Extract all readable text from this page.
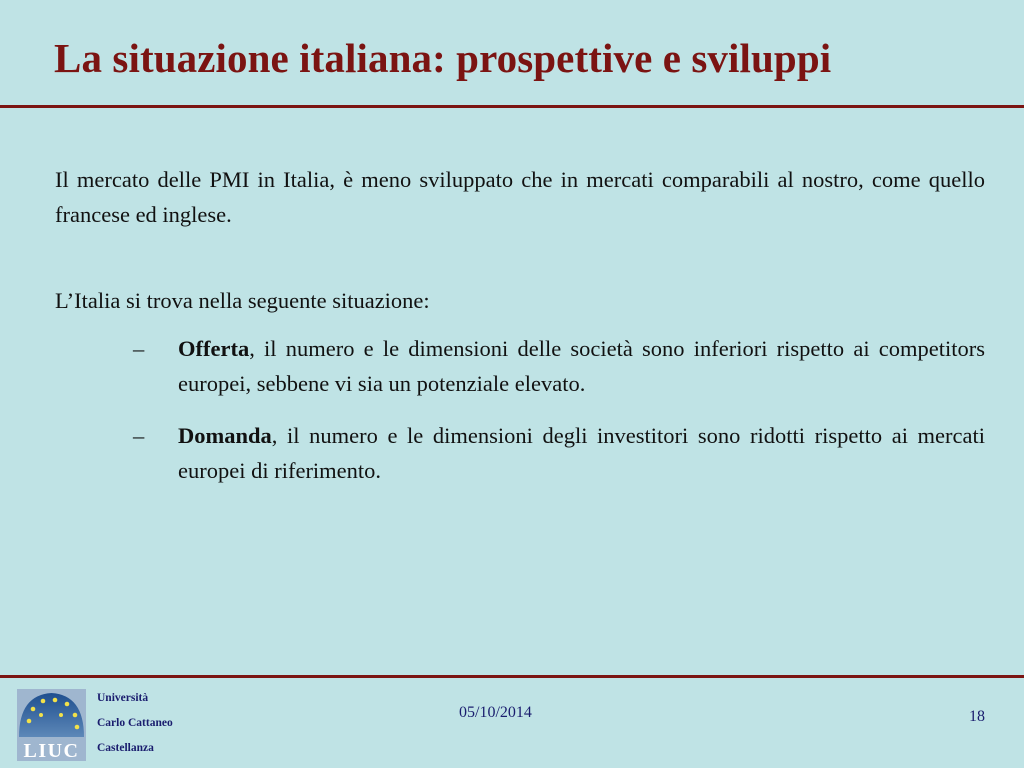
La situazione italiana: prospettive e sviluppi
Il mercato delle PMI in Italia, è meno sviluppato che in mercati comparabili al nostro, come quello francese ed inglese.
L’Italia si trova nella seguente situazione:
– Offerta, il numero e le dimensioni delle società sono inferiori rispetto ai competitors europei, sebbene vi sia un potenziale elevato.
– Domanda, il numero e le dimensioni degli investitori sono ridotti rispetto ai mercati europei di riferimento.
LIUC
Università
Carlo Cattaneo
Castellanza
05/10/2014	18
